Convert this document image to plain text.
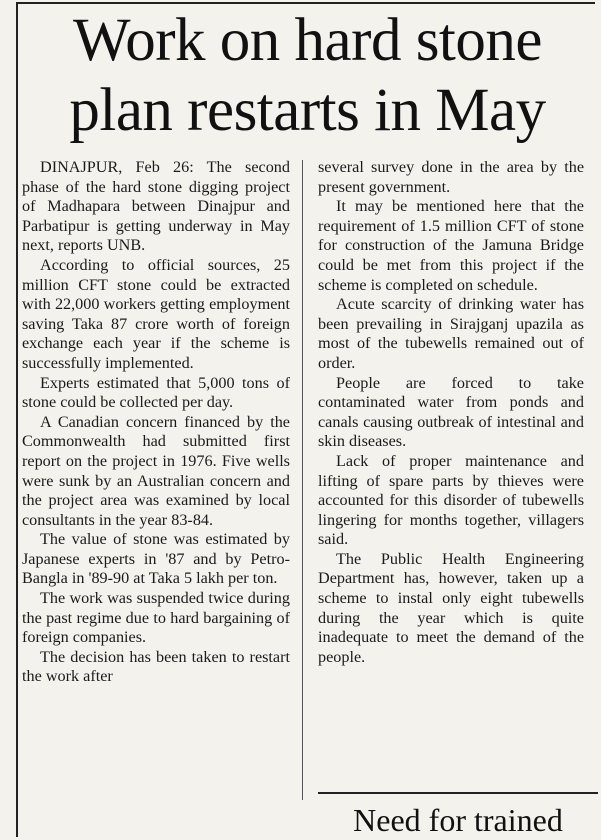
Work on hard stone
plan restarts in May

DINAJPUR, Feb 26: The second phase of the hard stone digging project of Madhapara between Dinajpur and Parbatipur is getting underway in May next, reports UNB.

According to official sources, 25 million CFT stone could be extracted with 22,000 workers getting employment saving Taka 87 crore worth of foreign exchange each year if the scheme is successfully implemented.

Experts estimated that 5,000 tons of stone could be collected per day.

A Canadian concern financed by the Commonwealth had submitted first report on the project in 1976. Five wells were sunk by an Australian concern and the project area was examined by local consultants in the year 83-84.

The value of stone was estimated by Japanese experts in '87 and by Petro-Bangla in '89-90 at Taka 5 lakh per ton.

The work was suspended twice during the past regime due to hard bargaining of foreign companies.

The decision has been taken to restart the work after

several survey done in the area by the present government.

It may be mentioned here that the requirement of 1.5 million CFT of stone for construction of the Jamuna Bridge could be met from this project if the scheme is completed on schedule.

Acute scarcity of drinking water has been prevailing in Sirajganj upazila as most of the tubewells remained out of order.

People are forced to take contaminated water from ponds and canals causing outbreak of intestinal and skin diseases.

Lack of proper maintenance and lifting of spare parts by thieves were accounted for this disorder of tubewells lingering for months together, villagers said.

The Public Health Engineering Department has, however, taken up a scheme to instal only eight tubewells during the year which is quite inadequate to meet the demand of the people.

Need for trained
